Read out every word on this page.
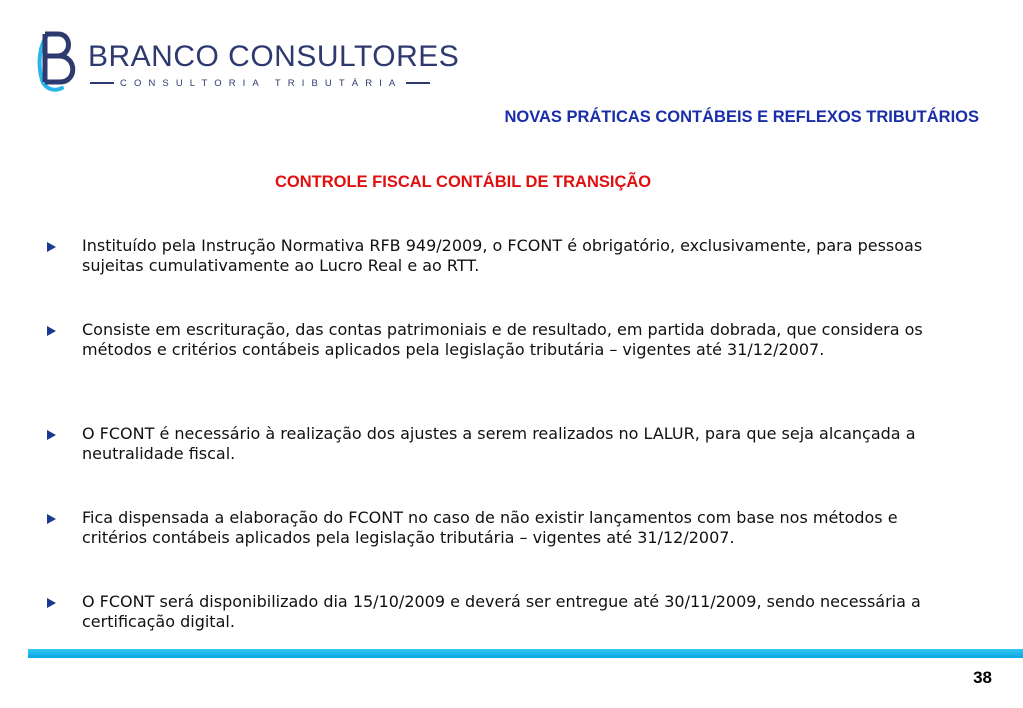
BRANCO CONSULTORES
CONSULTORIA TRIBUTÁRIA
NOVAS PRÁTICAS CONTÁBEIS E REFLEXOS TRIBUTÁRIOS
CONTROLE FISCAL CONTÁBIL DE TRANSIÇÃO
Instituído pela Instrução Normativa RFB 949/2009, o FCONT é obrigatório, exclusivamente, para pessoas sujeitas cumulativamente ao Lucro Real e ao RTT.
Consiste em escrituração, das contas patrimoniais e de resultado, em partida dobrada, que considera os métodos e critérios contábeis aplicados pela legislação tributária – vigentes até 31/12/2007.
O FCONT é necessário à realização dos ajustes a serem realizados no LALUR, para que seja alcançada a neutralidade fiscal.
Fica dispensada a elaboração do FCONT no caso de não existir lançamentos com base nos métodos e critérios contábeis aplicados pela legislação tributária – vigentes até 31/12/2007.
O FCONT será disponibilizado dia 15/10/2009 e deverá ser entregue até 30/11/2009, sendo necessária a certificação digital.
38
